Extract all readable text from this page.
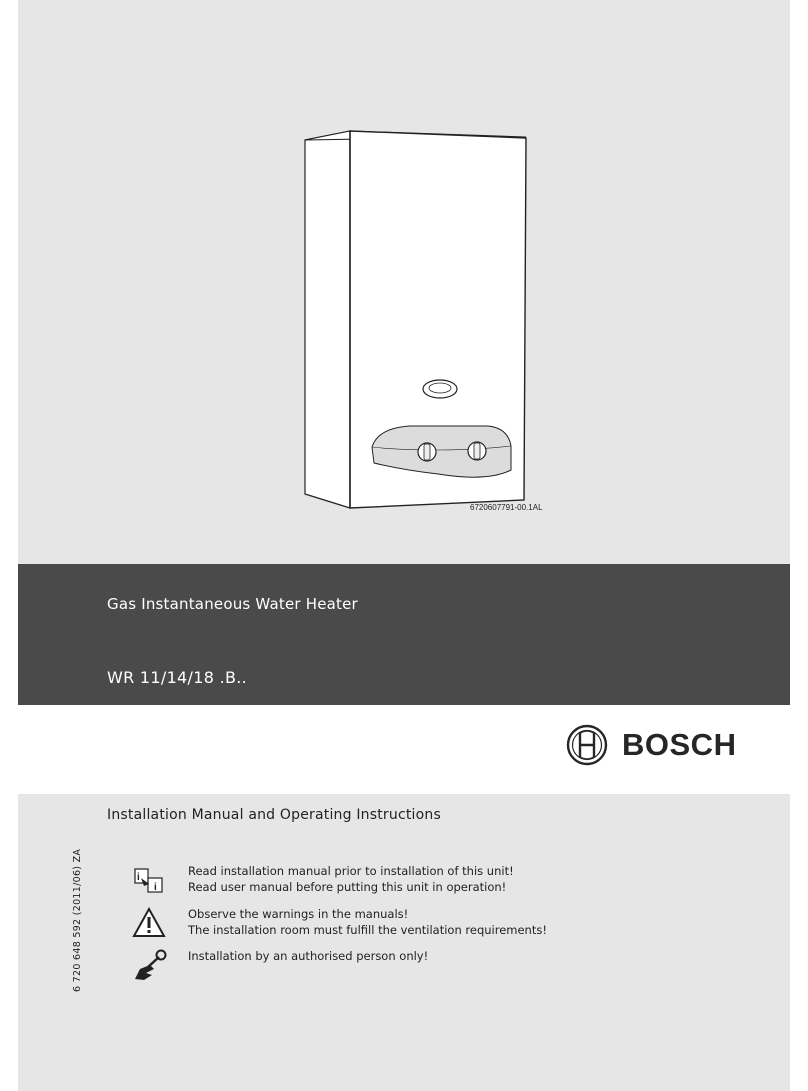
6720607791-00.1AL
Gas Instantaneous Water Heater
WR 11/14/18 .B..
BOSCH
Installation Manual and Operating Instructions
i
i
Read installation manual prior to installation of this unit!
Read user manual before putting this unit in operation!
Observe the warnings in the manuals!
The installation room must fulfill the ventilation requirements!
Installation by an authorised person only!
6 720 648 592 (2011/06) ZA
